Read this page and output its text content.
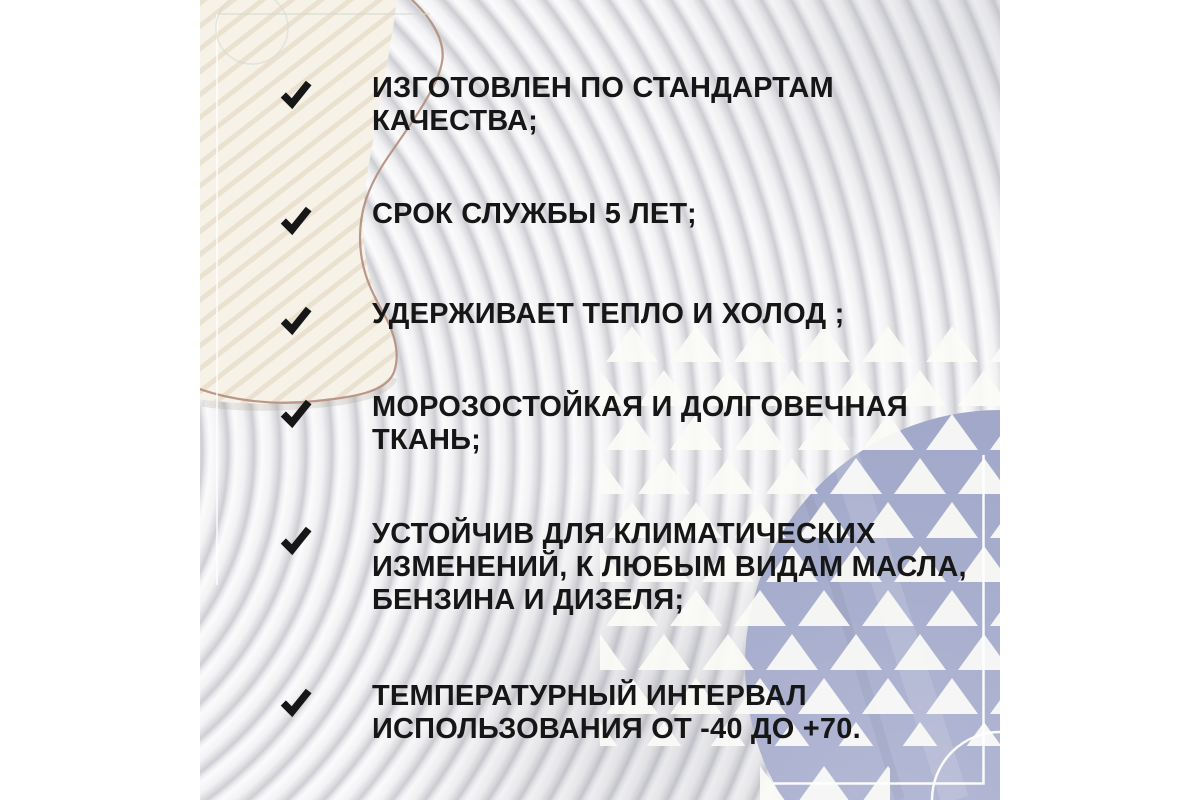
ИЗГОТОВЛЕН ПО СТАНДАРТАМ КАЧЕСТВА;
СРОК СЛУЖБЫ 5 ЛЕТ;
УДЕРЖИВАЕТ ТЕПЛО И ХОЛОД ;
МОРОЗОСТОЙКАЯ И ДОЛГОВЕЧНАЯ ТКАНЬ;
УСТОЙЧИВ ДЛЯ КЛИМАТИЧЕСКИХ ИЗМЕНЕНИЙ, К ЛЮБЫМ ВИДАМ МАСЛА, БЕНЗИНА И ДИЗЕЛЯ;
ТЕМПЕРАТУРНЫЙ ИНТЕРВАЛ ИСПОЛЬЗОВАНИЯ ОТ -40 ДО +70.
